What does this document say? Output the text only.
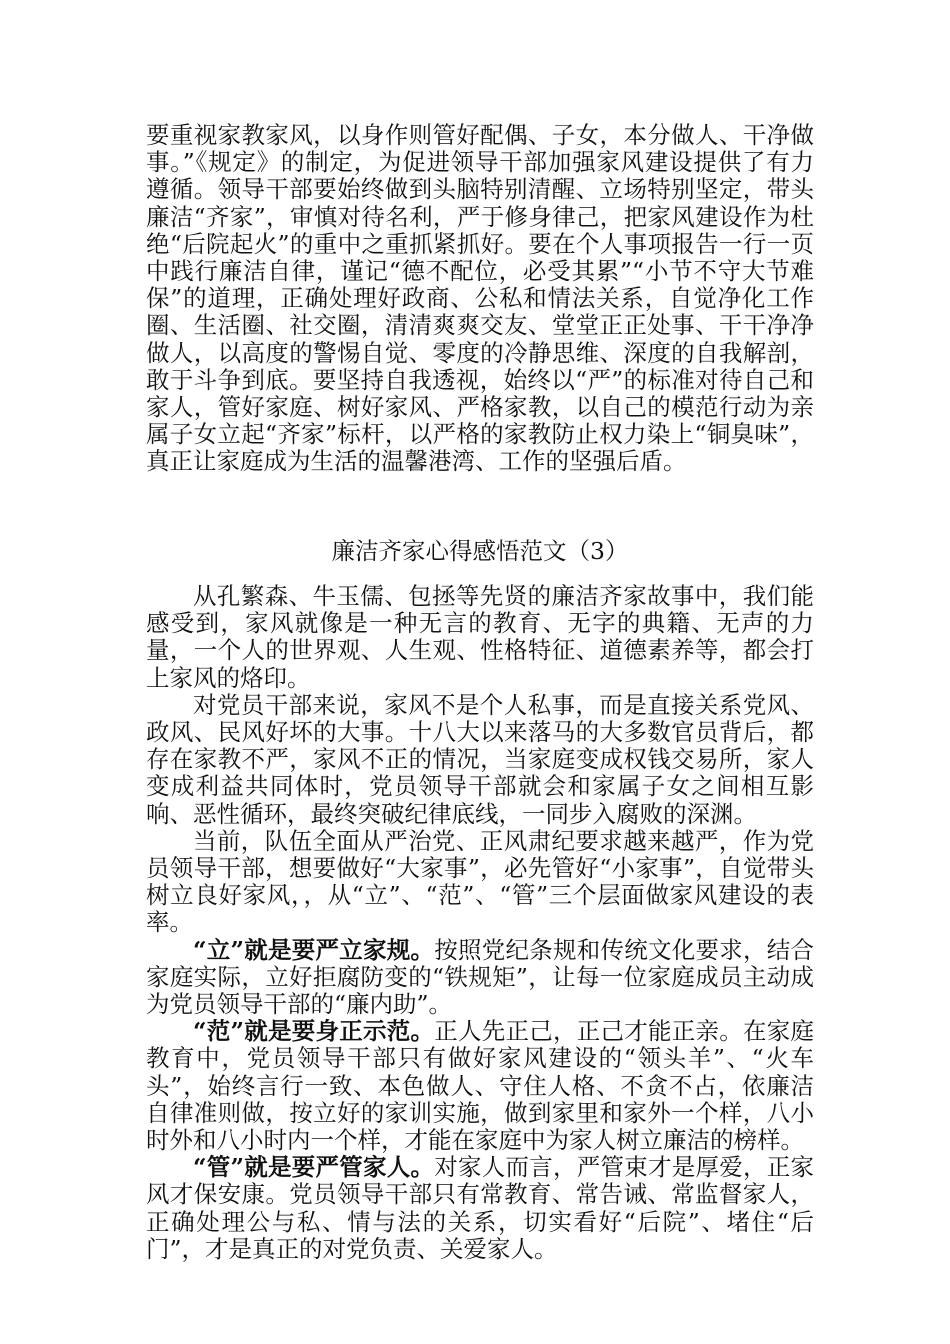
要重视家教家风，以身作则管好配偶、子女，本分做人、干净做事。”《规定》的制定，为促进领导干部加强家风建设提供了有力遵循。领导干部要始终做到头脑特别清醒、立场特别坚定，带头廉洁“齐家”，审慎对待名利，严于修身律己，把家风建设作为杜绝“后院起火”的重中之重抓紧抓好。要在个人事项报告一行一页中践行廉洁自律，谨记“德不配位，必受其累”“小节不守大节难保”的道理，正确处理好政商、公私和情法关系，自觉净化工作圈、生活圈、社交圈，清清爽爽交友、堂堂正正处事、干干净净做人，以高度的警惕自觉、零度的冷静思维、深度的自我解剖，敢于斗争到底。要坚持自我透视，始终以“严”的标准对待自己和家人，管好家庭、树好家风、严格家教，以自己的模范行动为亲属子女立起“齐家”标杆，以严格的家教防止权力染上“铜臭味”，真正让家庭成为生活的温馨港湾、工作的坚强后盾。

廉洁齐家心得感悟范文（3）

从孔繁森、牛玉儒、包拯等先贤的廉洁齐家故事中，我们能感受到，家风就像是一种无言的教育、无字的典籍、无声的力量，一个人的世界观、人生观、性格特征、道德素养等，都会打上家风的烙印。

对党员干部来说，家风不是个人私事，而是直接关系党风、政风、民风好坏的大事。十八大以来落马的大多数官员背后，都存在家教不严，家风不正的情况，当家庭变成权钱交易所，家人变成利益共同体时，党员领导干部就会和家属子女之间相互影响、恶性循环，最终突破纪律底线，一同步入腐败的深渊。

当前，队伍全面从严治党、正风肃纪要求越来越严，作为党员领导干部，想要做好“大家事”，必先管好“小家事”，自觉带头树立良好家风，，从“立”、“范”、“管”三个层面做家风建设的表率。

“立”就是要严立家规。按照党纪条规和传统文化要求，结合家庭实际，立好拒腐防变的“铁规矩”，让每一位家庭成员主动成为党员领导干部的“廉内助”。

“范”就是要身正示范。正人先正己，正己才能正亲。在家庭教育中，党员领导干部只有做好家风建设的“领头羊”、“火车头”，始终言行一致、本色做人、守住人格、不贪不占，依廉洁自律准则做，按立好的家训实施，做到家里和家外一个样，八小时外和八小时内一个样，才能在家庭中为家人树立廉洁的榜样。

“管”就是要严管家人。对家人而言，严管束才是厚爱，正家风才保安康。党员领导干部只有常教育、常告诫、常监督家人，正确处理公与私、情与法的关系，切实看好“后院”、堵住“后门”，才是真正的对党负责、关爱家人。
